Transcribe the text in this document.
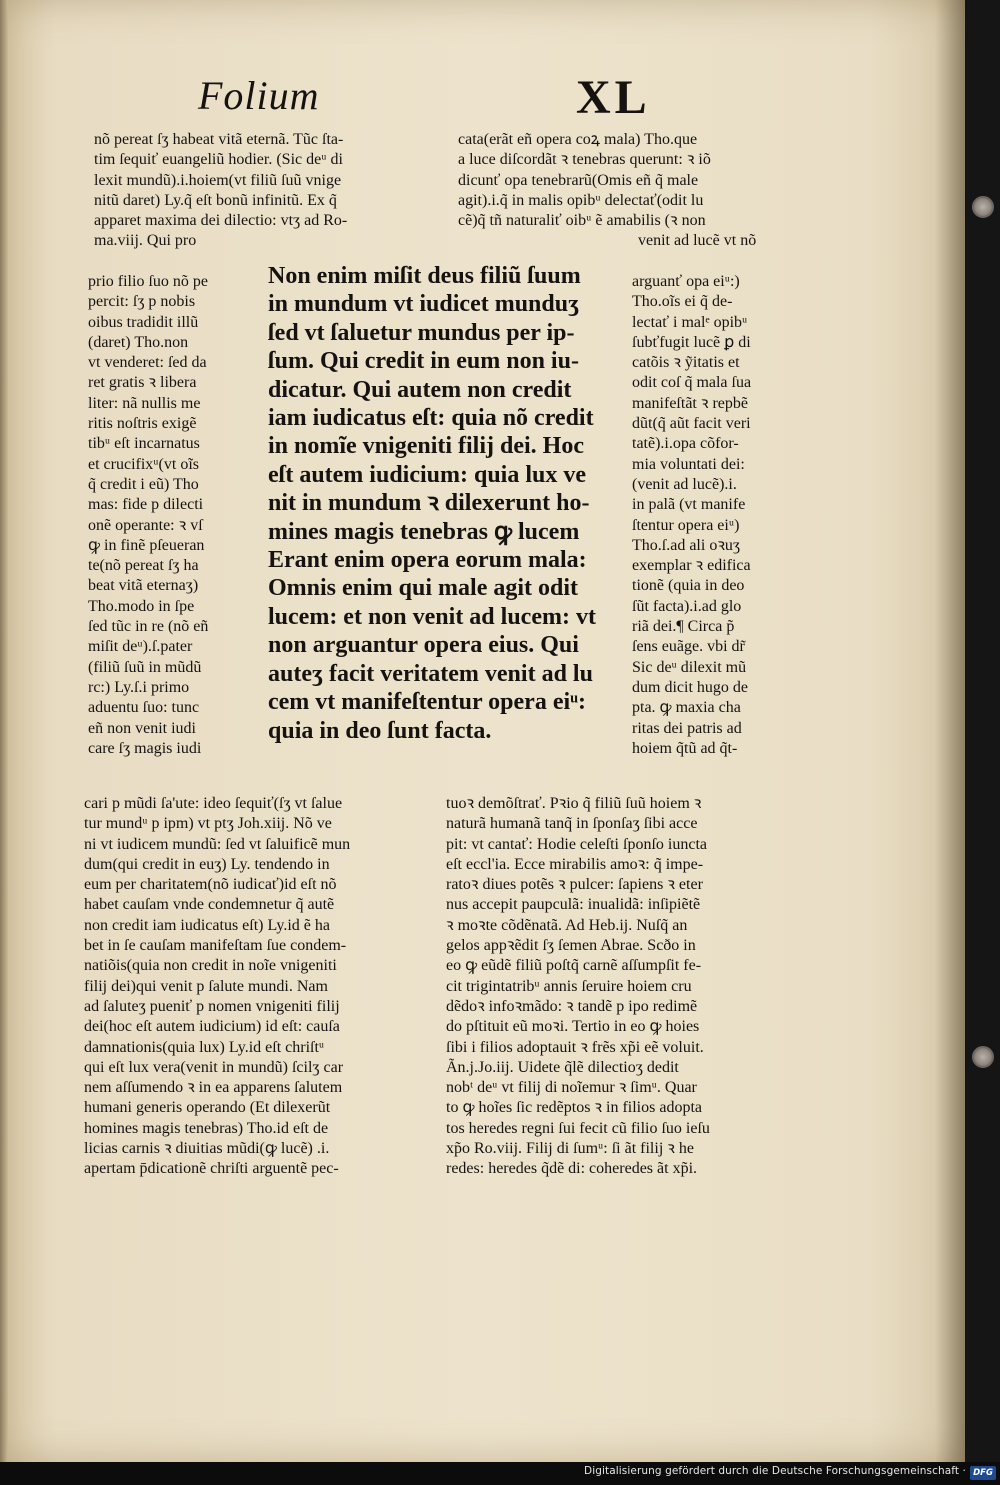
Folium	XL
nõ pereat ſʒ habeat vitã eternã. Tũc ſta-
tim ſequiť euangeliũ hodier. (Sic deᵘ di
lexit mundũ).i.hoiem(vt filiũ ſuũ vnige
nitũ daret) Ly.q̃ eſt bonũ infinitũ. Ex q̃
apparet maxima dei dilectio: vtʒ ad Ro-
ma.viij. Qui pro
cata(erãt eñ opera coꝝ mala) Tho.que
a luce diſcordãt ꝛ tenebras querunt: ꝛ iõ
dicunť opa tenebrarũ(Omis eñ q̃ male
agit).i.q̃ in malis opibᵘ delectať(odit lu
cẽ)q̃ tñ naturaliť oibᵘ ẽ amabilis (ꝛ non
venit ad lucẽ vt nõ
prio filio ſuo nõ pe
percit: ſʒ p nobis
oibus tradidit illũ
(daret) Tho.non
vt venderet: ſed da
ret gratis ꝛ libera
liter: nã nullis me
ritis noſtris exigẽ
tibᵘ eſt incarnatus
et crucifixᵘ(vt oĩs
q̃ credit i eũ) Tho
mas: fide p dilecti
onẽ operante: ꝛ vſ
ꝙ in finẽ pſeueran
te(nõ pereat ſʒ ha
beat vitã eternaʒ)
Tho.modo in ſpe
ſed tũc in re (nõ eñ
miſit deᵘ).ſ.pater
(filiũ ſuũ in mũdũ
rc:) Ly.ſ.i primo
aduentu ſuo: tunc
eñ non venit iudi
care ſʒ magis iudi
Non enim miſit deus filiũ ſuum
in mundum vt iudicet munduʒ
ſed vt ſaluetur mundus per ip-
ſum. Qui credit in eum non iu-
dicatur. Qui autem non credit
iam iudicatus eſt: quia nõ credit
in nomĩe vnigeniti filij dei. Hoc
eſt autem iudicium: quia lux ve
nit in mundum ꝛ dilexerunt ho-
mines magis tenebras ꝙ lucem
Erant enim opera eorum mala:
Omnis enim qui male agit odit
lucem: et non venit ad lucem: vt
non arguantur opera eius. Qui
auteʒ facit veritatem venit ad lu
cem vt manifeſtentur opera eiᵘ:
quia in deo ſunt facta.
arguanť opa eiᵘ:)
Tho.oĩs ei q̃ de-
lectať i malᵉ opibᵘ
ſubťfugit lucẽ ꝑ di
catõis ꝛ ỹitatis et
odit coſ q̃ mala ſua
manifeſtãt ꝛ repbẽ
dũt(q̃ aũt facit veri
tatẽ).i.opa cõfor-
mia voluntati dei:
(venit ad lucẽ).i.
in palã (vt manife
ſtentur opera eiᵘ)
Tho.ſ.ad ali oꝛuʒ
exemplar ꝛ edifica
tionẽ (quia in deo
ſũt facta).i.ad glo
riã dei.¶ Circa p̃
ſens euãge. vbi dr̃
Sic deᵘ dilexit mũ
dum dicit hugo de
pta. ꝙ maxia cha
ritas dei patris ad
hoiem q̃tũ ad q̃t-
cari p mũdi ſa'ute: ideo ſequiť(ſʒ vt ſalue
tur mundᵘ p ipm) vt ptʒ Joh.xiij. Nõ ve
ni vt iudicem mundũ: ſed vt ſaluificẽ mun
dum(qui credit in euʒ) Ly. tendendo in
eum per charitatem(nõ iudicať)id eſt nõ
habet cauſam vnde condemnetur q̃ autẽ
non credit iam iudicatus eſt) Ly.id ẽ ha
bet in ſe cauſam manifeſtam ſue condem-
natiõis(quia non credit in noĩe vnigeniti
filij dei)qui venit p ſalute mundi. Nam
ad ſaluteʒ pueniť p nomen vnigeniti filij
dei(hoc eſt autem iudicium) id eſt: cauſa
damnationis(quia lux) Ly.id eſt chriſtᵘ
qui eſt lux vera(venit in mundũ) ſcilʒ car
nem aſſumendo ꝛ in ea apparens ſalutem
humani generis operando (Et dilexerũt
homines magis tenebras) Tho.id eſt de
licias carnis ꝛ diuitias mũdi(ꝙ lucẽ) .i.
apertam p̄dicationẽ chriſti arguentẽ pec-
tuoꝛ demõſtrať. Pꝛio q̃ filiũ ſuũ hoiem ꝛ
naturã humanã tanq̃ in ſponſaʒ ſibi acce
pit: vt cantať: Hodie celeſti ſponſo iuncta
eſt eccl'ia. Ecce mirabilis amoꝛ: q̃ impe-
ratoꝛ diues potẽs ꝛ pulcer: ſapiens ꝛ eter
nus accepit paupculã: inualidã: inſipiẽtẽ
ꝛ moꝛte cõdẽnatã. Ad Heb.ij. Nuſq̃ an
gelos appꝛẽdit ſʒ ſemen Abrae. Scðo in
eo ꝙ eũdẽ filiũ poſtq̃ carnẽ aſſumpſit fe-
cit trigintatribᵘ annis ſeruire hoiem cru
dẽdoꝛ infoꝛmãdo: ꝛ tandẽ p ipo redimẽ
do pſtituit eũ moꝛi. Tertio in eo ꝙ hoies
ſibi i filios adoptauit ꝛ frẽs xp̃i eẽ voluit.
Ãn.j.Jo.iij. Uidete q̃lẽ dilectioʒ dedit
nobᵗ deᵘ vt filij di noĩemur ꝛ ſimᵘ. Quar
to ꝙ hoĩes ſic redẽptos ꝛ in filios adopta
tos heredes regni ſui fecit cũ filio ſuo ieſu
xp̃o Ro.viij. Filij di ſumᵘ: ſi ãt filij ꝛ he
redes: heredes q̃dẽ di: coheredes ãt xp̃i.
Digitalisierung gefördert durch die Deutsche Forschungsgemeinschaft · DFG
